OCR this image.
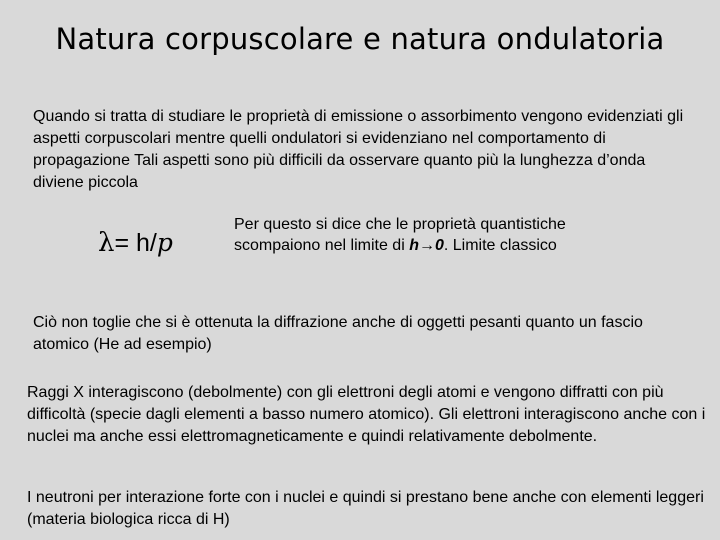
Natura corpuscolare e natura ondulatoria

Quando si tratta di studiare le proprietà di emissione o assorbimento vengono evidenziati gli aspetti corpuscolari mentre quelli ondulatori si evidenziano nel comportamento di propagazione Tali aspetti sono più difficili da osservare quanto più la lunghezza d’onda diviene piccola

λ= h/p

Per questo si dice che le proprietà quantistiche scompaiono nel limite di h→0. Limite classico

Ciò non toglie che si è ottenuta la diffrazione anche di oggetti pesanti quanto un fascio atomico (He ad esempio)

Raggi X interagiscono (debolmente) con gli elettroni degli atomi e vengono diffratti con più difficoltà (specie dagli elementi a basso numero atomico). Gli elettroni interagiscono anche con i nuclei ma anche essi elettromagneticamente e quindi relativamente debolmente.

I neutroni per interazione forte con i nuclei e quindi si prestano bene anche con elementi leggeri (materia biologica ricca di H)
